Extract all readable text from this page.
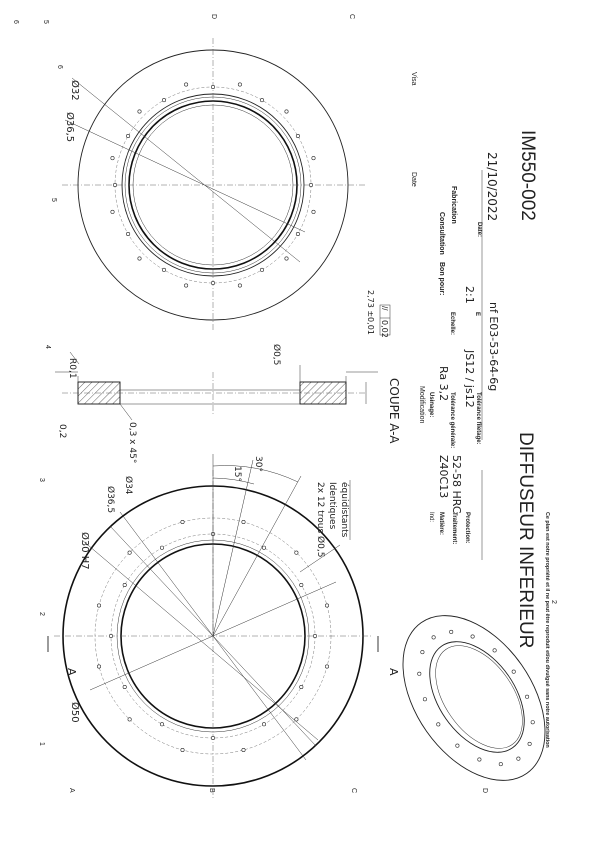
6	5
C
D
6
5
4
3
2
1
A	B	C	D
2
Ø32
Ø36,5
R0,1
0,2	0,3 x 45°
Ø0,5
2,73 ±0,01 //
0,02
COUPE A-A
A	A
Ø50
Ø30 H7
Ø36,5
Ø34
15°
30°
2x 12 trous Ø0,5 Identiques équidistants	Ind: Matière:
Z40C13
Traitement:
52-58 HRC
Protection:
Modification Usinage:
Ra 3,2
Tolérance générale:
JS12 / js12
Tolérance filetage:
nf E03-53-64-6g
Bon pour:
Consultation
Echelle:
2:1
E
Fabrication
Date:
21/10/2022
Date
Visa
DIFFUSEUR INFERIEUR
IM550-002
Ce plan est notre propriété et il ne peut être reproduit et/ou divulgué sans notre autorisation
